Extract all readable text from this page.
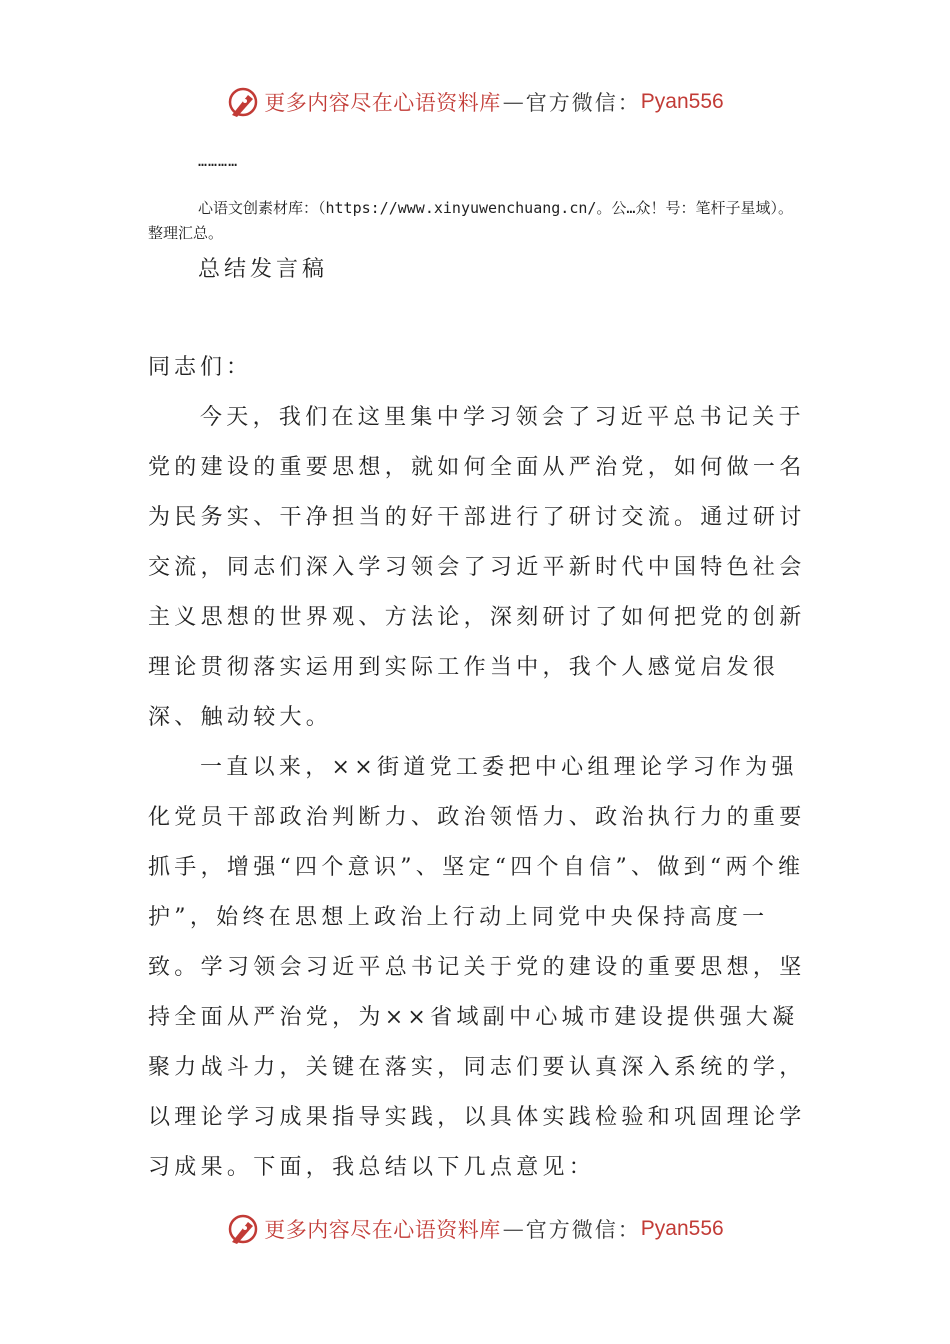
更多内容尽在心语资料库 — 官方微信： Pyan556
…………
心语文创素材库：（https://www.xinyuwenchuang.cn/。公…众！号：笔杆子星域）。整理汇总。
总结发言稿
同志们：

今天，我们在这里集中学习领会了习近平总书记关于党的建设的重要思想，就如何全面从严治党，如何做一名为民务实、干净担当的好干部进行了研讨交流。通过研讨交流，同志们深入学习领会了习近平新时代中国特色社会主义思想的世界观、方法论，深刻研讨了如何把党的创新理论贯彻落实运用到实际工作当中，我个人感觉启发很深、触动较大。

一直以来，××街道党工委把中心组理论学习作为强化党员干部政治判断力、政治领悟力、政治执行力的重要抓手，增强“四个意识”、坚定“四个自信”、做到“两个维护”，始终在思想上政治上行动上同党中央保持高度一致。学习领会习近平总书记关于党的建设的重要思想，坚持全面从严治党，为××省域副中心城市建设提供强大凝聚力战斗力，关键在落实，同志们要认真深入系统的学，以理论学习成果指导实践，以具体实践检验和巩固理论学习成果。下面，我总结以下几点意见：

更多内容尽在心语资料库 — 官方微信： Pyan556
